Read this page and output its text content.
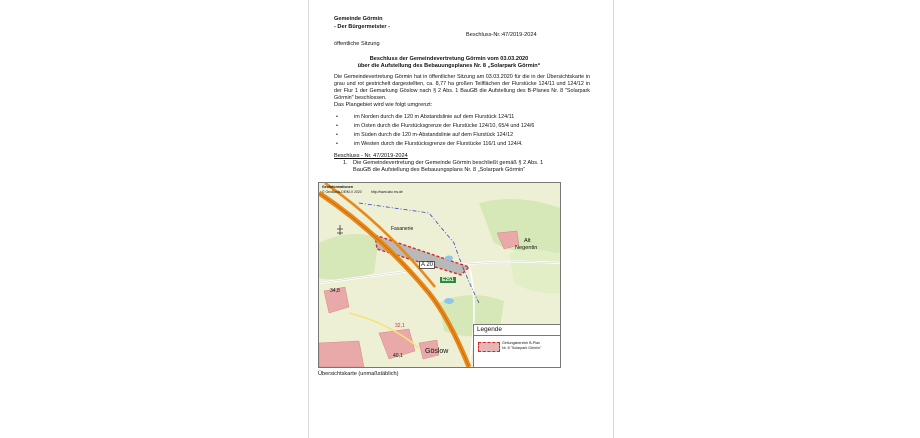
Gemeinde Görmin
- Der Bürgermeister -
Beschluss-Nr.:47/2019-2024
öffentliche Sitzung
Beschluss der Gemeindevertretung Görmin vom 03.03.2020
über die Aufstellung des Bebauungsplanes Nr. 8 „Solarpark Görmin“
Die Gemeindevertretung Görmin hat in öffentlicher Sitzung am 03.03.2020 für die in der Übersichtskarte in grau und rot gestrichelt dargestellten, ca. 8,77 ha großen Teilflächen der Flurstücke 124/11 und 124/12 in der Flur 1 der Gemarkung Göslow nach § 2 Abs. 1 BauGB die Aufstellung des B-Planes Nr. 8 "Solarpark Görmin" beschlossen.
Das Plangebiet wird wie folgt umgrenzt:
• im Norden durch die 120 m Abstandslinie auf dem Flurstück 124/11
• im Osten durch die Flurstücksgrenze der Flurstücke 124/10, 65/4 und 124/6
• im Süden durch die 120 m-Abstandslinie auf dem Flurstück 124/12
• im Westen durch die Flurstücksgrenze der Flurstücke 116/1 und 124/4.
Beschluss - Nr. 47/2019-2024
1. Die Gemeindevertretung der Gemeinde Görmin beschließt gemäß § 2 Abs. 1
BauGB die Aufstellung des Bebauungsplans Nr. 8 „Solarpark Görmin“
Geoinformationen
© GeoBasis-DE/M-V 2020	http://www.laiv-mv.de
Fasanerie
Alt
Negentin
A 20
E251
34,8
32,1
40,1
Göslow
Legende
Geltungsbereich B-Plan
Nr. 8 "Solarpark Görmin"
Übersichtskarte (unmaßstäblich)
